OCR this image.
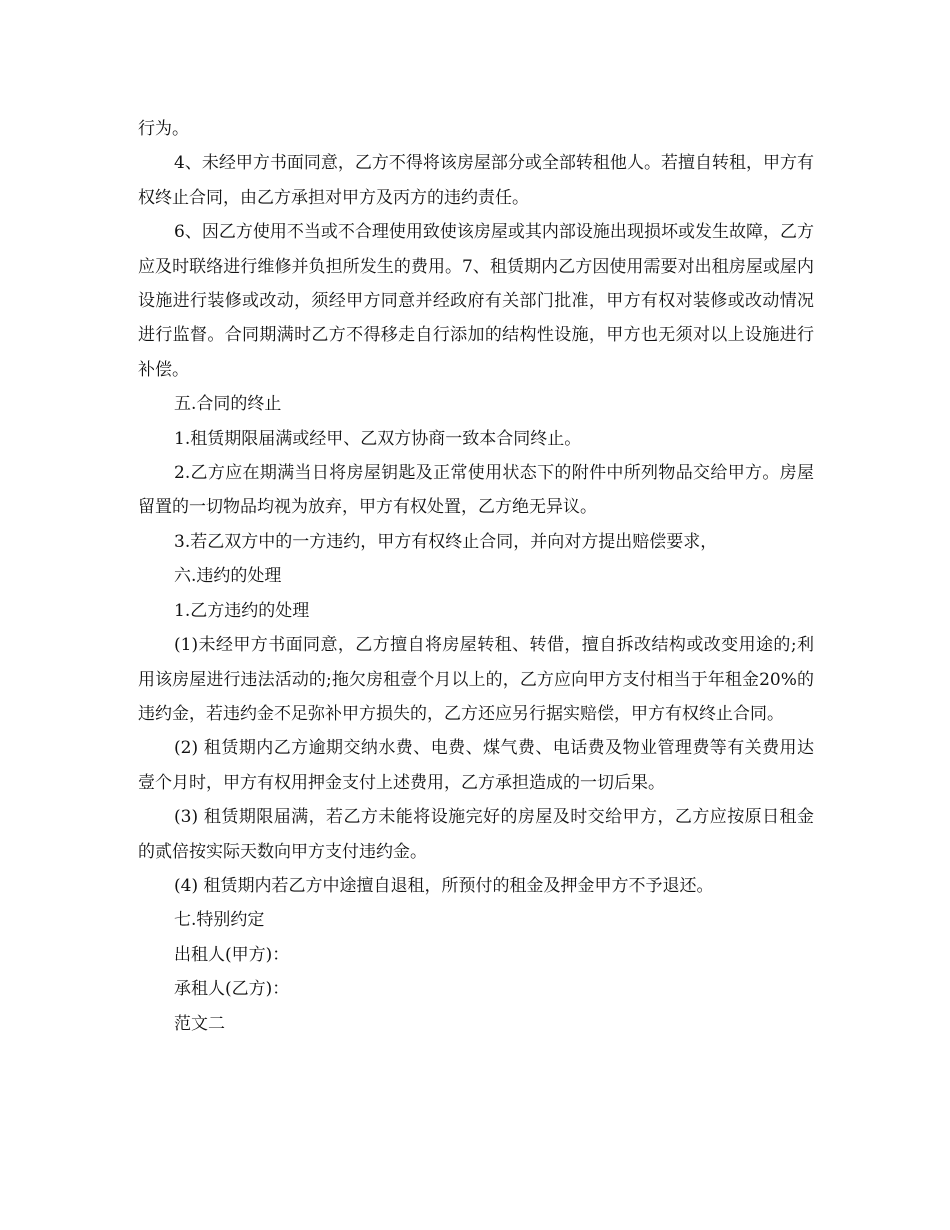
行为。

4、未经甲方书面同意，乙方不得将该房屋部分或全部转租他人。若擅自转租，甲方有权终止合同，由乙方承担对甲方及丙方的违约责任。

6、因乙方使用不当或不合理使用致使该房屋或其内部设施出现损坏或发生故障，乙方应及时联络进行维修并负担所发生的费用。7、租赁期内乙方因使用需要对出租房屋或屋内设施进行装修或改动，须经甲方同意并经政府有关部门批准，甲方有权对装修或改动情况进行监督。合同期满时乙方不得移走自行添加的结构性设施，甲方也无须对以上设施进行补偿。

五.合同的终止

1.租赁期限届满或经甲、乙双方协商一致本合同终止。

2.乙方应在期满当日将房屋钥匙及正常使用状态下的附件中所列物品交给甲方。房屋留置的一切物品均视为放弃，甲方有权处置，乙方绝无异议。

3.若乙双方中的一方违约，甲方有权终止合同，并向对方提出赔偿要求，

六.违约的处理

1.乙方违约的处理

(1)未经甲方书面同意，乙方擅自将房屋转租、转借，擅自拆改结构或改变用途的;利用该房屋进行违法活动的;拖欠房租壹个月以上的，乙方应向甲方支付相当于年租金20%的违约金，若违约金不足弥补甲方损失的，乙方还应另行据实赔偿，甲方有权终止合同。

(2) 租赁期内乙方逾期交纳水费、电费、煤气费、电话费及物业管理费等有关费用达壹个月时，甲方有权用押金支付上述费用，乙方承担造成的一切后果。

(3) 租赁期限届满，若乙方未能将设施完好的房屋及时交给甲方，乙方应按原日租金的贰倍按实际天数向甲方支付违约金。

(4) 租赁期内若乙方中途擅自退租，所预付的租金及押金甲方不予退还。

七.特别约定

出租人(甲方)：

承租人(乙方)：

范文二
